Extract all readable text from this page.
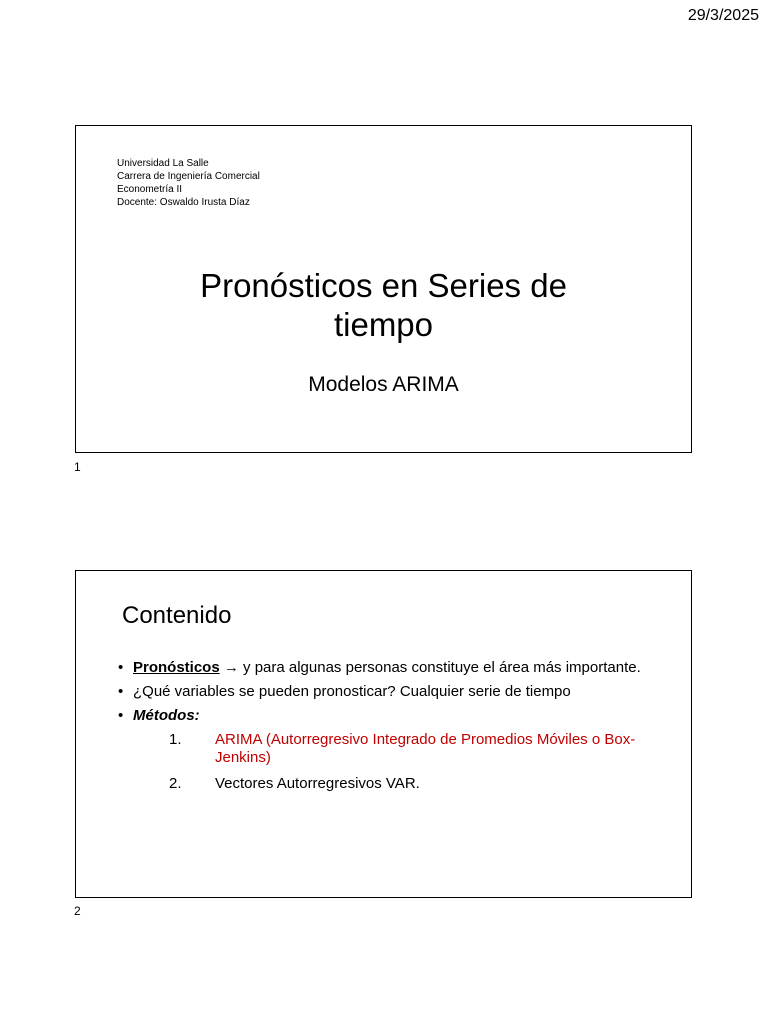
29/3/2025
Universidad La Salle
Carrera de Ingeniería Comercial
Econometría II
Docente: Oswaldo Irusta Díaz
Pronósticos en Series de
tiempo
Modelos ARIMA
1
Contenido
• Pronósticos → y para algunas personas constituye el área más importante.
• ¿Qué variables se pueden pronosticar? Cualquier serie de tiempo
• Métodos:
1. ARIMA (Autorregresivo Integrado de Promedios Móviles o Box- Jenkins)
2. Vectores Autorregresivos VAR.
2
